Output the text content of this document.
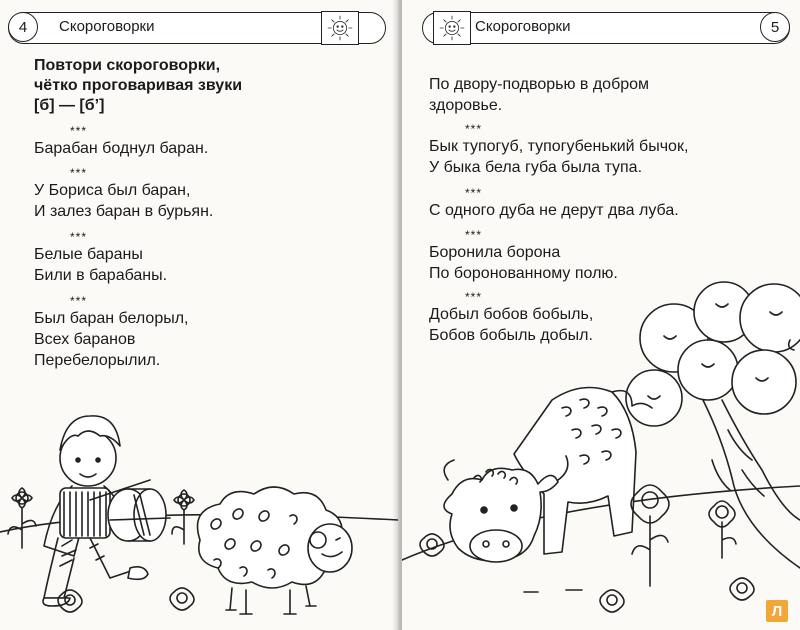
4	Скороговорки

Повтори скороговорки,
чётко проговаривая звуки
[б] — [б’]

***
Барабан боднул баран.
***
У Бориса был баран,
И залез баран в бурьян.
***
Белые бараны
Били в барабаны.
***
Был баран белорыл,
Всех баранов
Перебелорылил.
Скороговорки	5
По двору-подворью в добром
здоровье.
***
Бык тупогуб, тупогубенький бычок,
У быка бела губа была тупа.
***
С одного дуба не дерут два луба.
***
Боронила борона
По боронованному полю.
***
Добыл бобов бобыль,
Бобов бобыль добыл.
Л
